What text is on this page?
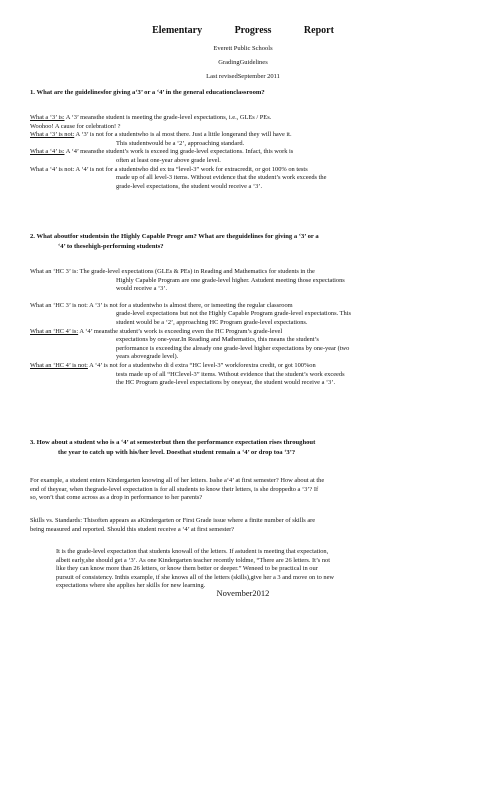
Elementary Progress Report
Everett Public Schools
GradingGuidelines
Last revisedSeptember 2011
1. What are the guidelinesfor giving a‘3’ or a ‘4’ in the general educationclassroom?

What a ‘3’ is: A ‘3’ meansthe student is meeting the grade-level expectations, i.e., GLEs / PEs.

Woohoo! A cause for celebration! ?

What a ‘3’ is not: A ‘3’ is not for a studentwho is al most there. Just a little longerand they will have it.

This studentwould be a ‘2’, approaching standard.

What a ‘4’ is: A ‘4’ meansthe student’s work is exceed ing grade-level expectations. Infact, this work is

often at least one-year above grade level.

What a ‘4’ is not: A ‘4’ is not for a studentwho did ex tra “level-3” work for extracredit, or got 100% on tests

made up of all level-3 items. Without evidence that the student’s work exceeds the

grade-level expectations, the student would receive a ‘3’.

2. What aboutfor studentsin the Highly Capable Progr am? What are theguidelines for giving a ‘3’ or a
‘4’ to thesehigh-performing students?

What an ‘HC 3’ is: The grade-level expectations (GLEs & PEs) in Reading and Mathematics for students in the

Highly Capable Program are one grade-level higher. Astudent meeting those expectations

would receive a ‘3’.

What an ‘HC 3’ is not: A ‘3’ is not for a studentwho is almost there, or ismeeting the regular classroom

grade-level expectations but not the Highly Capable Program grade-level expectations. This

student would be a ‘2’, approaching HC Program grade-level expectations.

What an ‘HC 4’ is: A ‘4’ meansthe student’s work is exceeding even the HC Program’s grade-level

expectations by one-year.In Reading and Mathematics, this means the student’s

performance is exceeding the already one grade-level higher expectations by one-year (two

years abovegrade level).

What an ‘HC 4’ is not: A ‘4’ is not for a studentwho di d extra “HC level-3” workforextra credit, or got 100%on

tests made up of all “HClevel-3” items. Without evidence that the student’s work exceeds

the HC Program grade-level expectations by oneyear, the student would receive a ‘3’.

3. How about a student who is a ‘4’ at semesterbut then the performance expectation rises throughout
the year to catch up with his/her level. Doesthat student remain a ‘4’ or drop toa ‘3’?

For example, a student enters Kindergarten knowing all of her letters. Isshe a‘4’ at first semester? How about at the

end of theyear, when thegrade-level expectation is for all students to know their letters, is she droppedto a ‘3’? If

so, won’t that come across as a drop in performance to her parents?

Skills vs. Standards: Thisoften appears as aKindergarten or First Grade issue where a finite number of skills are

being measured and reported. Should this student receive a ‘4’ at first semester?

It is the grade-level expectation that students knowall of the letters. If astudent is meeting that expectation,

albeit early,she should get a ‘3’. As one Kindergarten teacher recently toldme, “There are 26 letters. It’s not

like they can know more than 26 letters, or know them better or deeper.” Weneed to be practical in our

pursuit of consistency. Inthis example, if she knows all of the letters (skills),give her a 3 and move on to new

expectations where she applies her skills for new learning.

November2012
